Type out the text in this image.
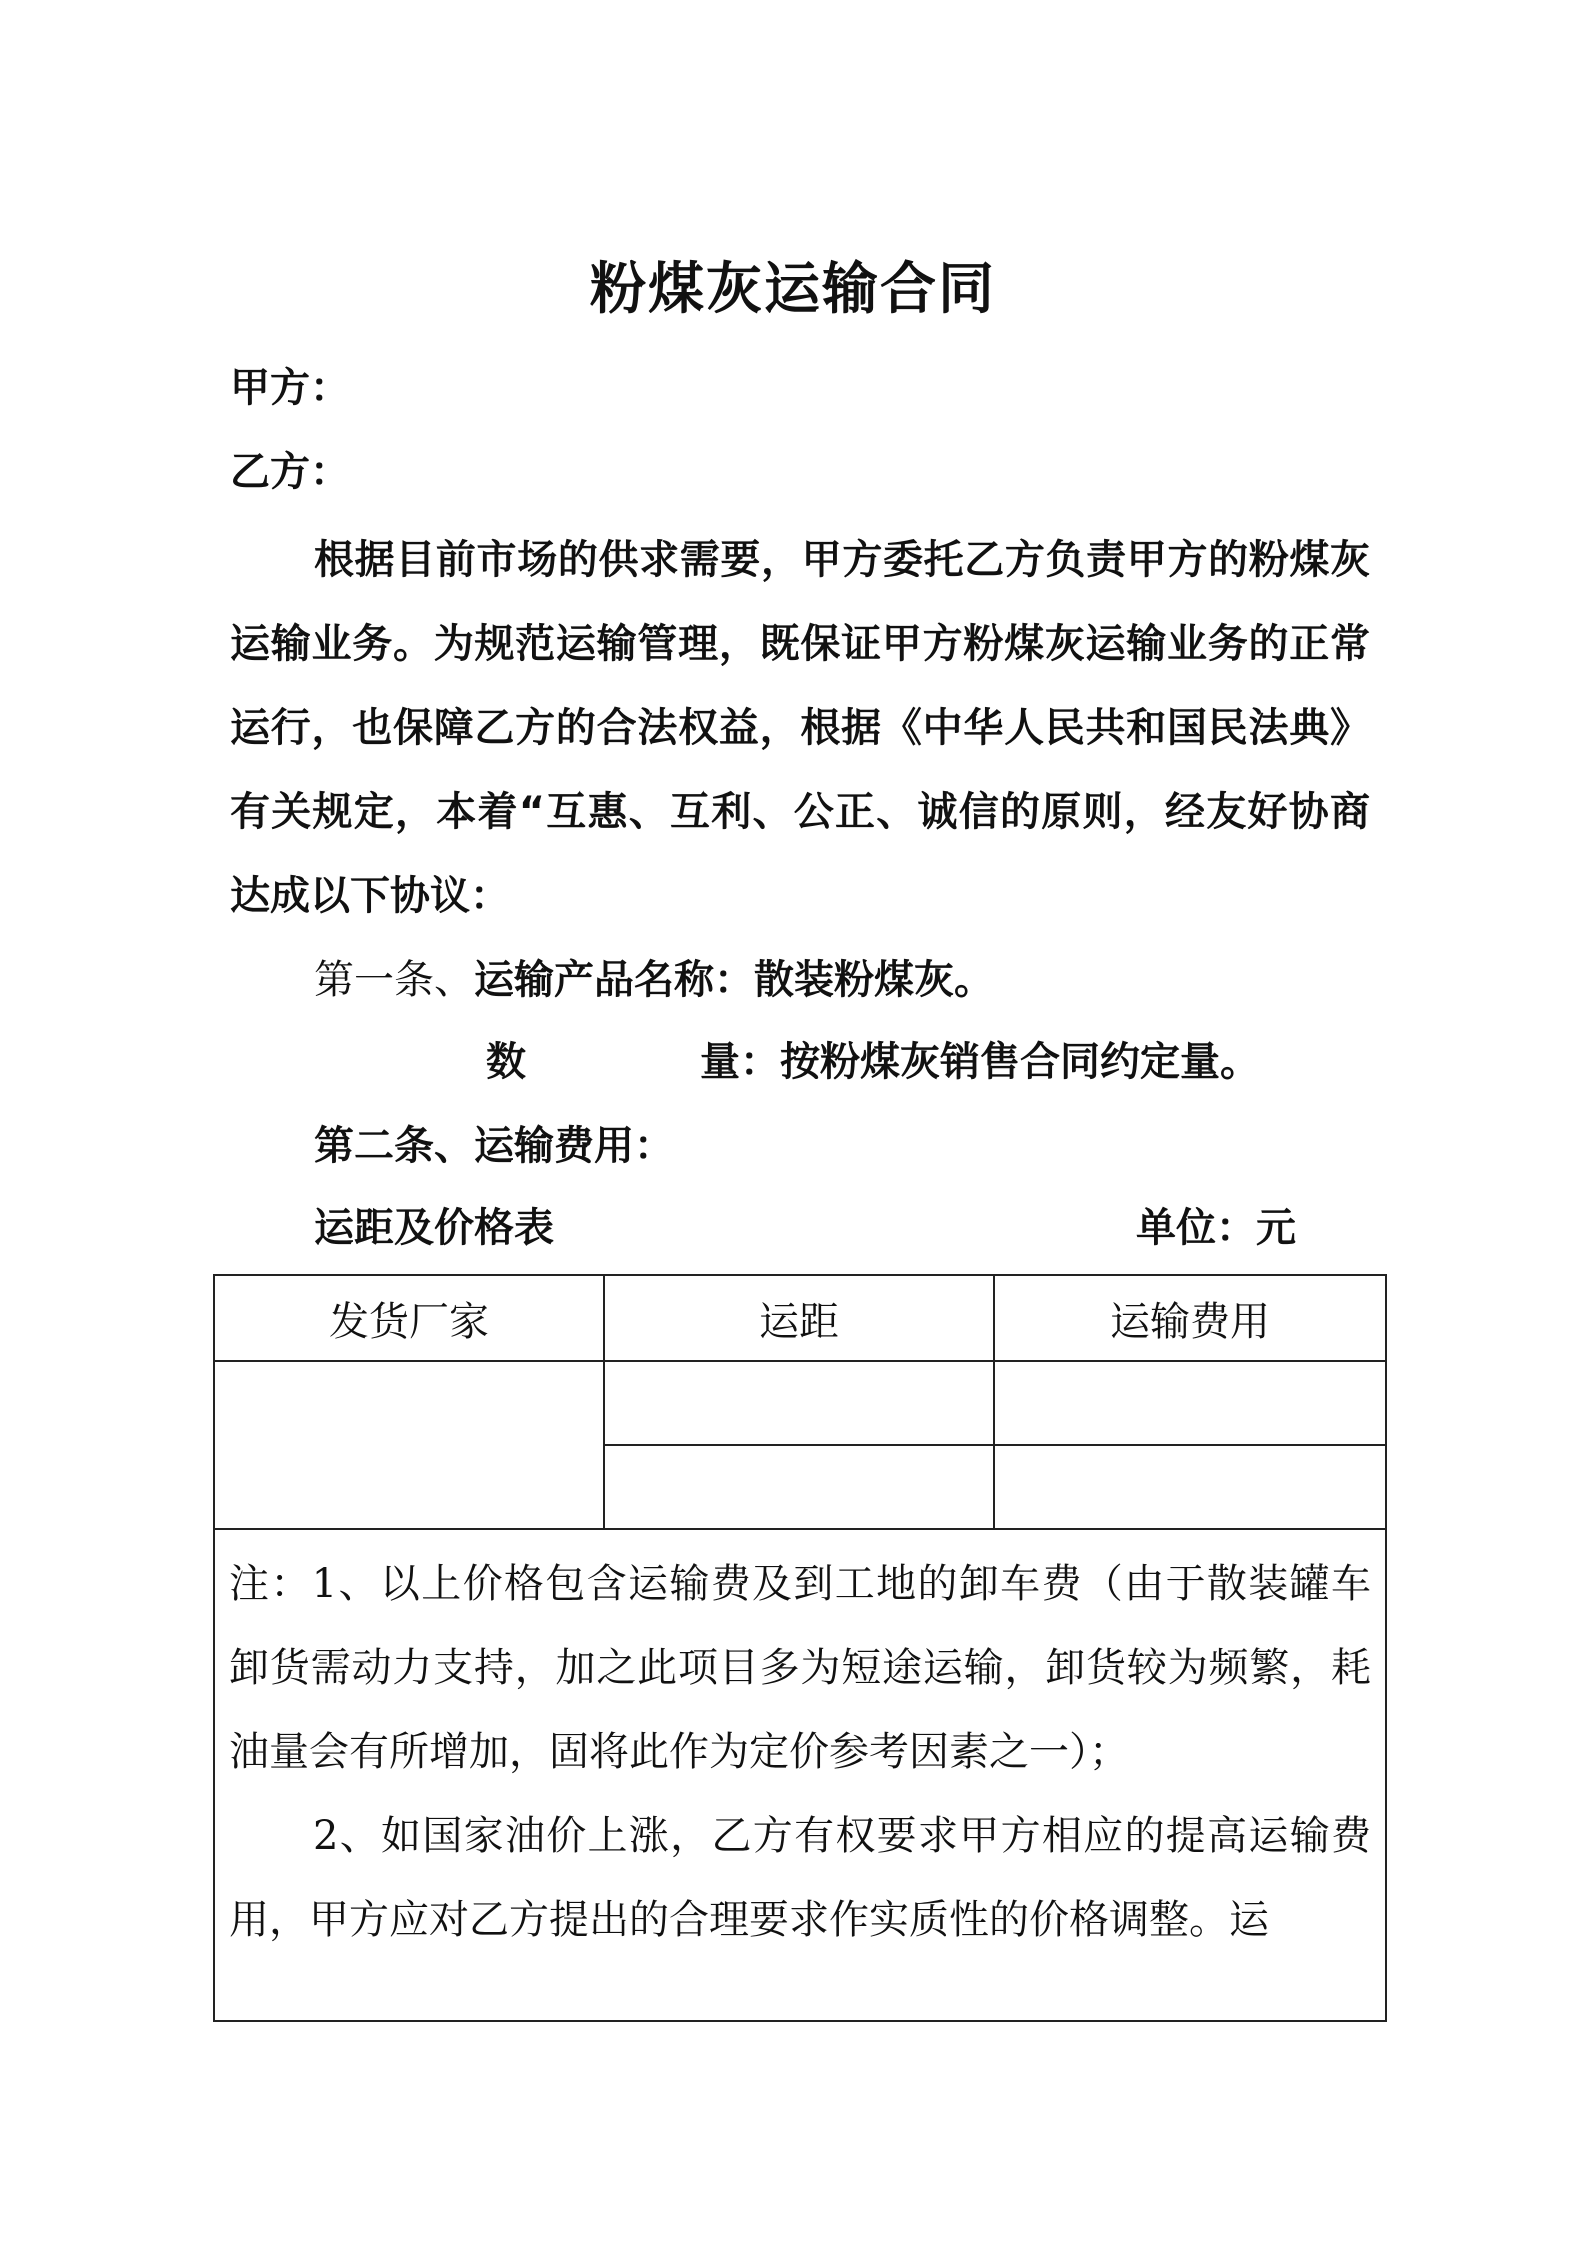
粉煤灰运输合同
甲方：
乙方：
根据目前市场的供求需要，甲方委托乙方负责甲方的粉煤灰运输业务。为规范运输管理，既保证甲方粉煤灰运输业务的正常运行，也保障乙方的合法权益，根据《中华人民共和国民法典》有关规定，本着“互惠、互利、公正、诚信的原则，经友好协商达成以下协议：
第一条、运输产品名称：散装粉煤灰。
数	量：按粉煤灰销售合同约定量。
第二条、运输费用：
运距及价格表	单位：元
发货厂家	运距	运输费用

注：1、以上价格包含运输费及到工地的卸车费（由于散装罐车卸货需动力支持，加之此项目多为短途运输，卸货较为频繁，耗油量会有所增加，固将此作为定价参考因素之一）；
2、如国家油价上涨，乙方有权要求甲方相应的提高运输费用，甲方应对乙方提出的合理要求作实质性的价格调整。运		
